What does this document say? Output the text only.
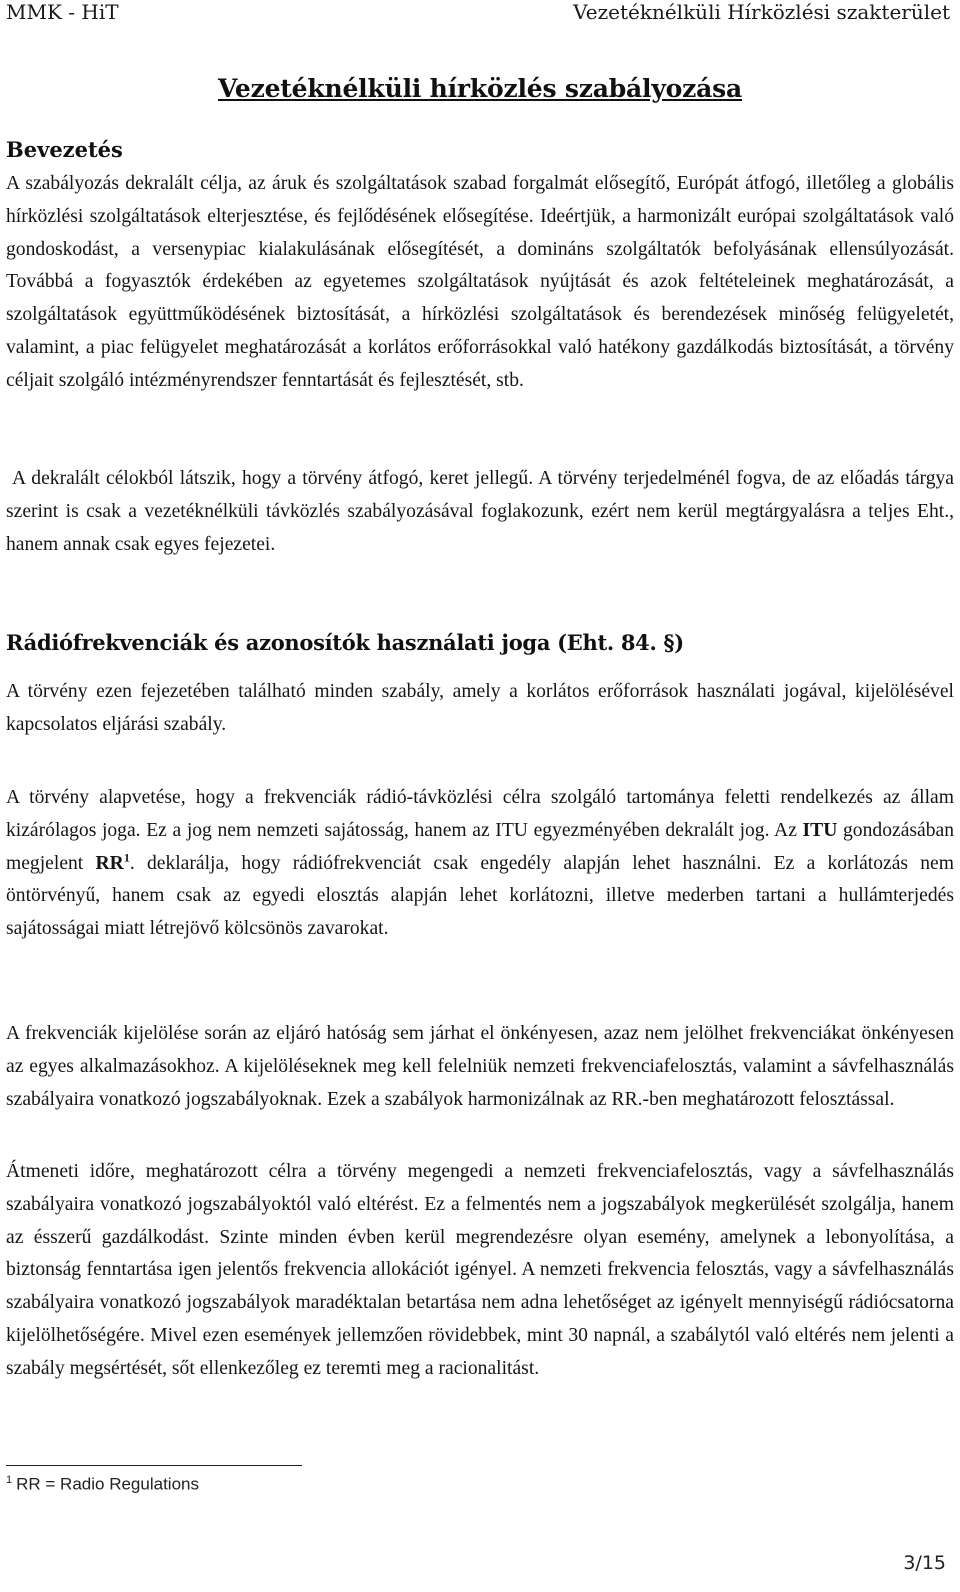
MMK - HiT	Vezetéknélküli Hírközlési szakterület
Vezetéknélküli hírközlés szabályozása
Bevezetés
A szabályozás dekralált célja, az áruk és szolgáltatások szabad forgalmát elősegítő, Európát átfogó, illetőleg a globális hírközlési szolgáltatások elterjesztése, és fejlődésének elősegítése. Ideértjük, a harmonizált európai szolgáltatások való gondoskodást, a versenypiac kialakulásának elősegítését, a domináns szolgáltatók befolyásának ellensúlyozását. Továbbá a fogyasztók érdekében az egyetemes szolgáltatások nyújtását és azok feltételeinek meghatározását, a szolgáltatások együttműködésének biztosítását, a hírközlési szolgáltatások és berendezések minőség felügyeletét, valamint, a piac felügyelet meghatározását a korlátos erőforrásokkal való hatékony gazdálkodás biztosítását, a törvény céljait szolgáló intézményrendszer fenntartását és fejlesztését, stb.
A dekralált célokból látszik, hogy a törvény átfogó, keret jellegű. A törvény terjedelménél fogva, de az előadás tárgya szerint is csak a vezetéknélküli távközlés szabályozásával foglakozunk, ezért nem kerül megtárgyalásra a teljes Eht., hanem annak csak egyes fejezetei.
Rádiófrekvenciák és azonosítók használati joga (Eht. 84. §)
A törvény ezen fejezetében található minden szabály, amely a korlátos erőforrások használati jogával, kijelölésével kapcsolatos eljárási szabály.
A törvény alapvetése, hogy a frekvenciák rádió-távközlési célra szolgáló tartománya feletti rendelkezés az állam kizárólagos joga. Ez a jog nem nemzeti sajátosság, hanem az ITU egyezményében dekralált jog. Az ITU gondozásában megjelent $RR^1$. deklarálja, hogy rádiófrekvenciát csak engedély alapján lehet használni. Ez a korlátozás nem öntörvényű, hanem csak az egyedi elosztás alapján lehet korlátozni, illetve mederben tartani a hullámterjedés sajátosságai miatt létrejövő kölcsönös zavarokat.
A frekvenciák kijelölése során az eljáró hatóság sem járhat el önkényesen, azaz nem jelölhet frekvenciákat önkényesen az egyes alkalmazásokhoz. A kijelöléseknek meg kell felelniük nemzeti frekvenciafelosztás, valamint a sávfelhasználás szabályaira vonatkozó jogszabályoknak. Ezek a szabályok harmonizálnak az RR.-ben meghatározott felosztással.
Átmeneti időre, meghatározott célra a törvény megengedi a nemzeti frekvenciafelosztás, vagy a sávfelhasználás szabályaira vonatkozó jogszabályoktól való eltérést. Ez a felmentés nem a jogszabályok megkerülését szolgálja, hanem az ésszerű gazdálkodást. Szinte minden évben kerül megrendezésre olyan esemény, amelynek a lebonyolítása, a biztonság fenntartása igen jelentős frekvencia allokációt igényel. A nemzeti frekvencia felosztás, vagy a sávfelhasználás szabályaira vonatkozó jogszabályok maradéktalan betartása nem adna lehetőséget az igényelt mennyiségű rádiócsatorna kijelölhetőségére. Mivel ezen események jellemzően rövidebbek, mint 30 napnál, a szabálytól való eltérés nem jelenti a szabály megsértését, sőt ellenkezőleg ez teremti meg a racionalitást.
$^1$ RR = Radio Regulations
3/15
